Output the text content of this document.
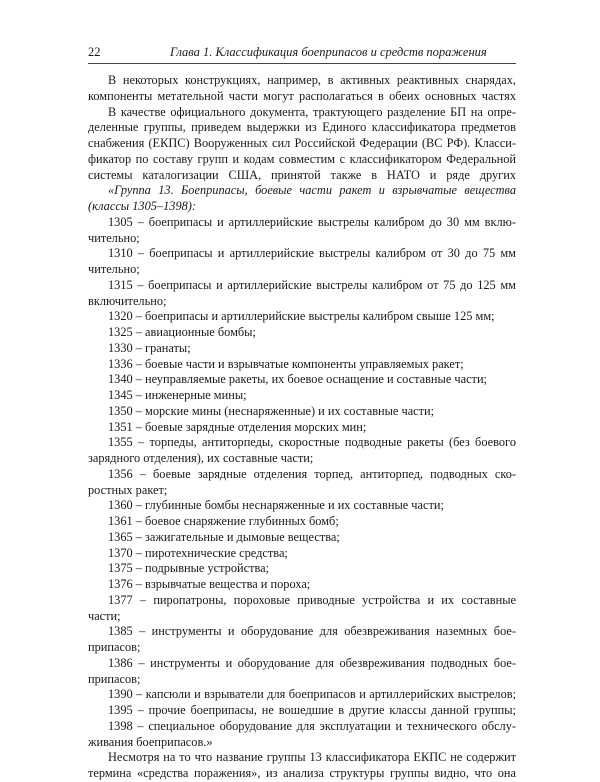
22	Глава 1. Классификация боеприпасов и средств поражения
В некоторых конструкциях, например, в активных реактивных снарядах,
компоненты метательной части могут располагаться в обеих основных частях
В качестве официального документа, трактующего разделение БП на опре-
деленные группы, приведем выдержки из Единого классификатора предметов
снабжения (ЕКПС) Вооруженных сил Российской Федерации (ВС РФ). Класси-
фикатор по составу групп и кодам совместим с классификатором Федеральной
системы каталогизации США, принятой также в НАТО и ряде других
«Группа 13. Боеприпасы, боевые части ракет и взрывчатые вещества
(классы 1305–1398):
1305 – боеприпасы и артиллерийские выстрелы калибром до 30 мм вклю-
чительно;
1310 – боеприпасы и артиллерийские выстрелы калибром от 30 до 75 мм
чительно;
1315 – боеприпасы и артиллерийские выстрелы калибром от 75 до 125 мм
включительно;
1320 – боеприпасы и артиллерийские выстрелы калибром свыше 125 мм;
1325 – авиационные бомбы;
1330 – гранаты;
1336 – боевые части и взрывчатые компоненты управляемых ракет;
1340 – неуправляемые ракеты, их боевое оснащение и составные части;
1345 – инженерные мины;
1350 – морские мины (неснаряженные) и их составные части;
1351 – боевые зарядные отделения морских мин;
1355 – торпеды, антиторпеды, скоростные подводные ракеты (без боевого
зарядного отделения), их составные части;
1356 – боевые зарядные отделения торпед, антиторпед, подводных ско-
ростных ракет;
1360 – глубинные бомбы неснаряженные и их составные части;
1361 – боевое снаряжение глубинных бомб;
1365 – зажигательные и дымовые вещества;
1370 – пиротехнические средства;
1375 – подрывные устройства;
1376 – взрывчатые вещества и пороха;
1377 – пиропатроны, пороховые приводные устройства и их составные
части;
1385 – инструменты и оборудование для обезвреживания наземных бое-
припасов;
1386 – инструменты и оборудование для обезвреживания подводных бое-
припасов;
1390 – капсюли и взрыватели для боеприпасов и артиллерийских выстрелов;
1395 – прочие боеприпасы, не вошедшие в другие классы данной группы;
1398 – специальное оборудование для эксплуатации и технического обслу-
живания боеприпасов.»
Несмотря на то что название группы 13 классификатора ЕКПС не содержит
термина «средства поражения», из анализа структуры группы видно, что она
